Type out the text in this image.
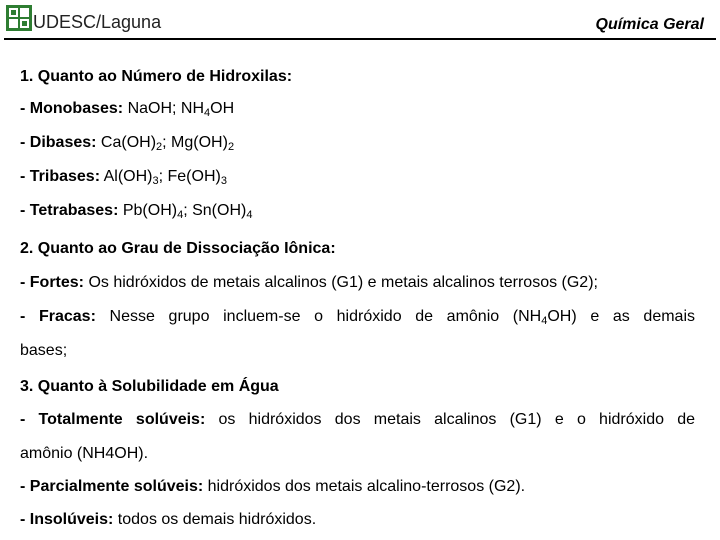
UDESC/Laguna	Química Geral
1. Quanto ao Número de Hidroxilas:
- Monobases: NaOH; $NH_4OH$
- Dibases: $Ca(OH)_2$; $Mg(OH)_2$
- Tribases: $Al(OH)_3$; $Fe(OH)_3$
- Tetrabases: $Pb(OH)_4$; $Sn(OH)_4$
2. Quanto ao Grau de Dissociação Iônica:
- Fortes: Os hidróxidos de metais alcalinos (G1) e metais alcalinos terrosos (G2);
- Fracas: Nesse grupo incluem-se o hidróxido de amônio $(NH_4OH)$ e as demais
bases;
3. Quanto à Solubilidade em Água
- Totalmente solúveis: os hidróxidos dos metais alcalinos (G1) e o hidróxido de
amônio (NH4OH).
- Parcialmente solúveis: hidróxidos dos metais alcalino-terrosos (G2).
- Insolúveis: todos os demais hidróxidos.
